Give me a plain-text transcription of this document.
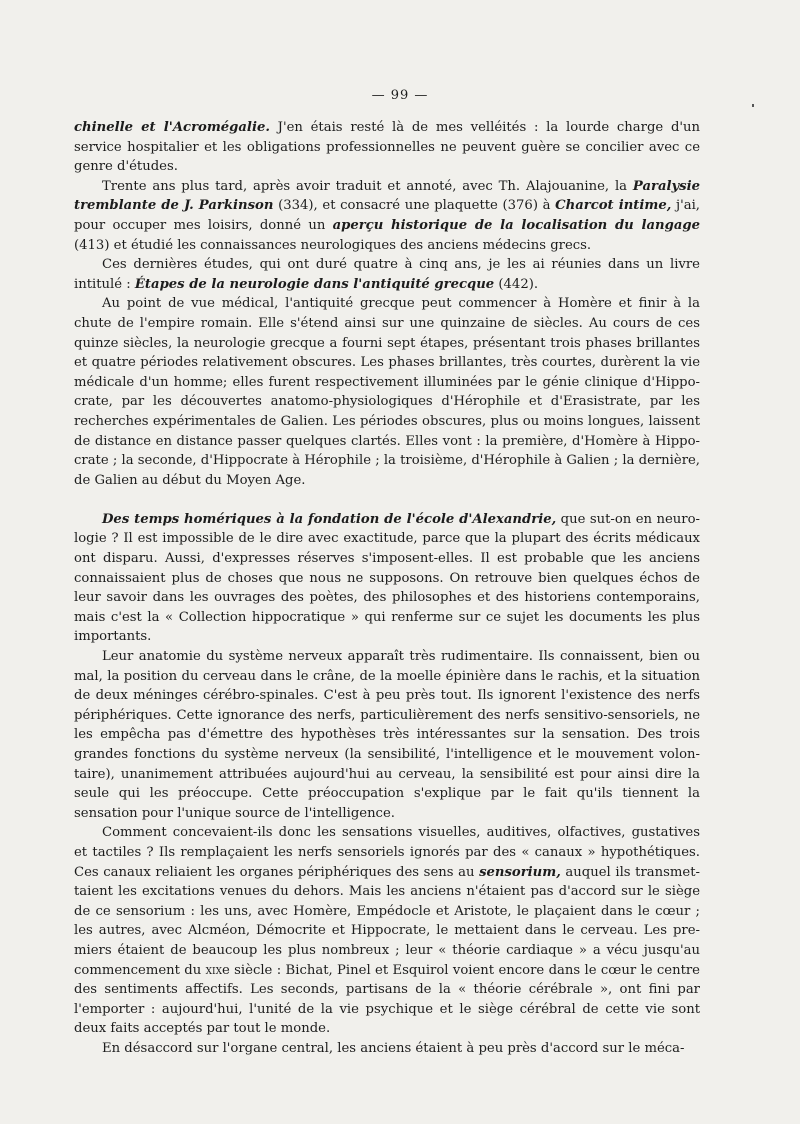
— 99 —

chinelle et l'Acromégalie. J'en étais resté là de mes velléités : la lourde charge d'un service hospitalier et les obligations professionnelles ne peuvent guère se concilier avec ce genre d'études.

Trente ans plus tard, après avoir traduit et annoté, avec Th. Alajouanine, la Paralysie tremblante de J. Parkinson (334), et consacré une plaquette (376) à Charcot intime, j'ai, pour occuper mes loisirs, donné un aperçu historique de la localisation du langage (413) et étudié les connaissances neurologiques des anciens médecins grecs.

Ces dernières études, qui ont duré quatre à cinq ans, je les ai réunies dans un livre intitulé : Étapes de la neurologie dans l'antiquité grecque (442).

Au point de vue médical, l'antiquité grecque peut commencer à Homère et finir à la chute de l'empire romain. Elle s'étend ainsi sur une quinzaine de siècles. Au cours de ces quinze siècles, la neurologie grecque a fourni sept étapes, présentant trois phases brillantes et quatre périodes relativement obscures. Les phases brillantes, très courtes, durèrent la vie médicale d'un homme; elles furent respectivement illuminées par le génie clinique d'Hippocrate, par les découvertes anatomo-physiologiques d'Hérophile et d'Erasistrate, par les recherches expérimentales de Galien. Les périodes obscures, plus ou moins longues, laissent de distance en distance passer quelques clartés. Elles vont : la première, d'Homère à Hippocrate ; la seconde, d'Hippocrate à Hérophile ; la troisième, d'Hérophile à Galien ; la dernière, de Galien au début du Moyen Age.

Des temps homériques à la fondation de l'école d'Alexandrie, que sut-on en neurologie ? Il est impossible de le dire avec exactitude, parce que la plupart des écrits médicaux ont disparu. Aussi, d'expresses réserves s'imposent-elles. Il est probable que les anciens connaissaient plus de choses que nous ne supposons. On retrouve bien quelques échos de leur savoir dans les ouvrages des poètes, des philosophes et des historiens contemporains, mais c'est la « Collection hippocratique » qui renferme sur ce sujet les documents les plus importants.

Leur anatomie du système nerveux apparaît très rudimentaire. Ils connaissent, bien ou mal, la position du cerveau dans le crâne, de la moelle épinière dans le rachis, et la situation de deux méninges cérébro-spinales. C'est à peu près tout. Ils ignorent l'existence des nerfs périphériques. Cette ignorance des nerfs, particulièrement des nerfs sensitivo-sensoriels, ne les empêcha pas d'émettre des hypothèses très intéressantes sur la sensation. Des trois grandes fonctions du système nerveux (la sensibilité, l'intelligence et le mouvement volontaire), unanimement attribuées aujourd'hui au cerveau, la sensibilité est pour ainsi dire la seule qui les préoccupe. Cette préoccupation s'explique par le fait qu'ils tiennent la sensation pour l'unique source de l'intelligence.

Comment concevaient-ils donc les sensations visuelles, auditives, olfactives, gustatives et tactiles ? Ils remplaçaient les nerfs sensoriels ignorés par des « canaux » hypothétiques. Ces canaux reliaient les organes périphériques des sens au sensorium, auquel ils transmettaient les excitations venues du dehors. Mais les anciens n'étaient pas d'accord sur le siège de ce sensorium : les uns, avec Homère, Empédocle et Aristote, le plaçaient dans le cœur ; les autres, avec Alcméon, Démocrite et Hippocrate, le mettaient dans le cerveau. Les premiers étaient de beaucoup les plus nombreux ; leur « théorie cardiaque » a vécu jusqu'au commencement du xixe siècle : Bichat, Pinel et Esquirol voient encore dans le cœur le centre des sentiments affectifs. Les seconds, partisans de la « théorie cérébrale », ont fini par l'emporter : aujourd'hui, l'unité de la vie psychique et le siège cérébral de cette vie sont deux faits acceptés par tout le monde.

En désaccord sur l'organe central, les anciens étaient à peu près d'accord sur le méca-
